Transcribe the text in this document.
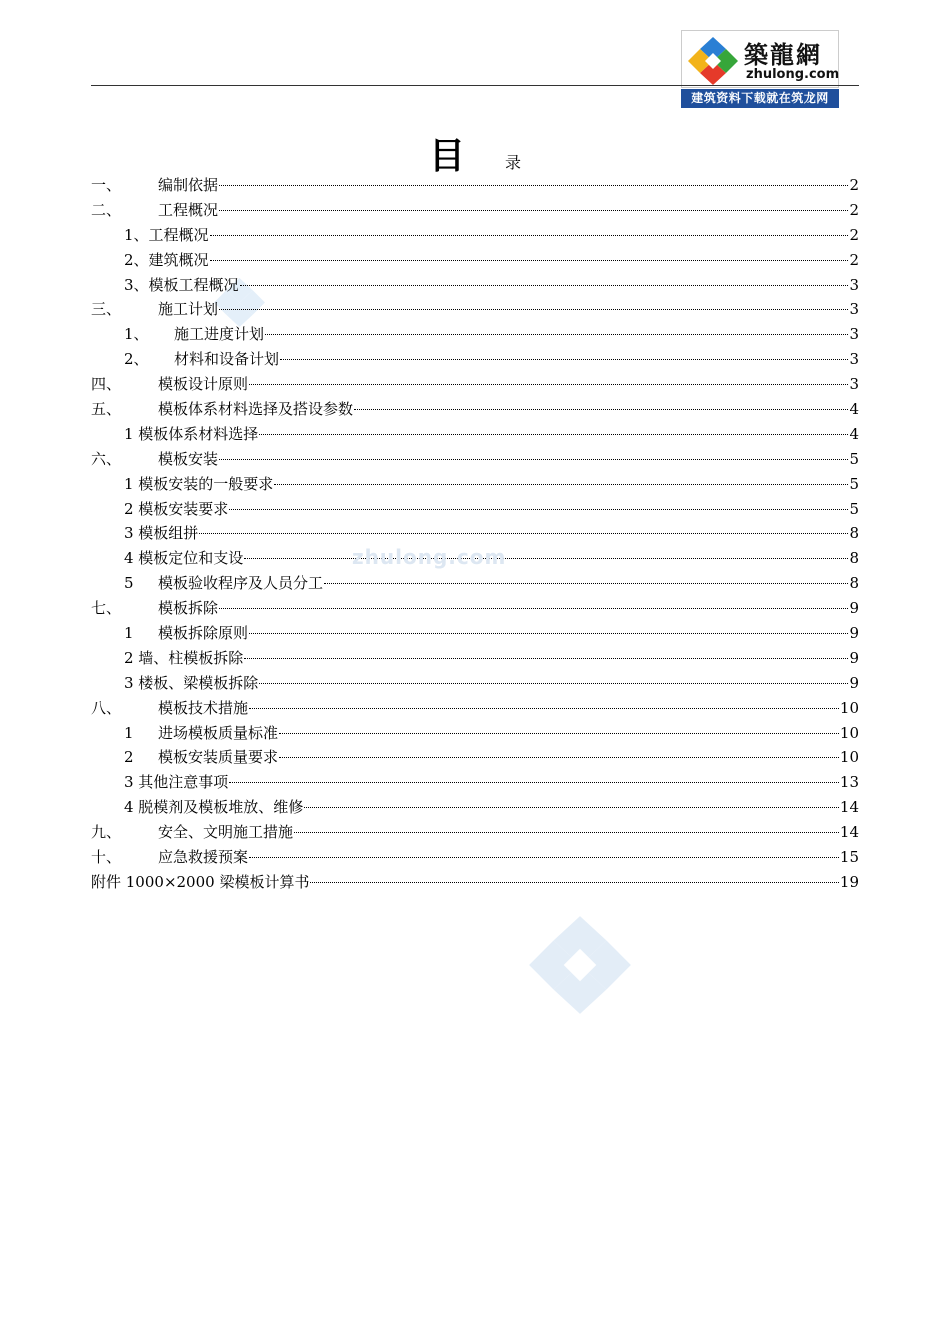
築龍網
zhulong.com
建筑资料下载就在筑龙网
目	录
一、	编制依据	2
二、	工程概况	2
1、工程概况	2
2、建筑概况	2
3、模板工程概况	3
三、	施工计划	3
1、	施工进度计划	3
2、	材料和设备计划	3
四、	模板设计原则	3
五、	模板体系材料选择及搭设参数	4
1 模板体系材料选择	4
六、	模板安装	5
1 模板安装的一般要求	5
2 模板安装要求	5
3 模板组拼	8
4 模板定位和支设	8
5	模板验收程序及人员分工	8
七、	模板拆除	9
1	模板拆除原则	9
2 墙、柱模板拆除	9
3 楼板、梁模板拆除	9
八、	模板技术措施	10
1	进场模板质量标准	10
2	模板安装质量要求	10
3 其他注意事项	13
4 脱模剂及模板堆放、维修	14
九、	安全、文明施工措施	14
十、	应急救援预案	15
附件 1000×2000 梁模板计算书	19
zhulong.com
